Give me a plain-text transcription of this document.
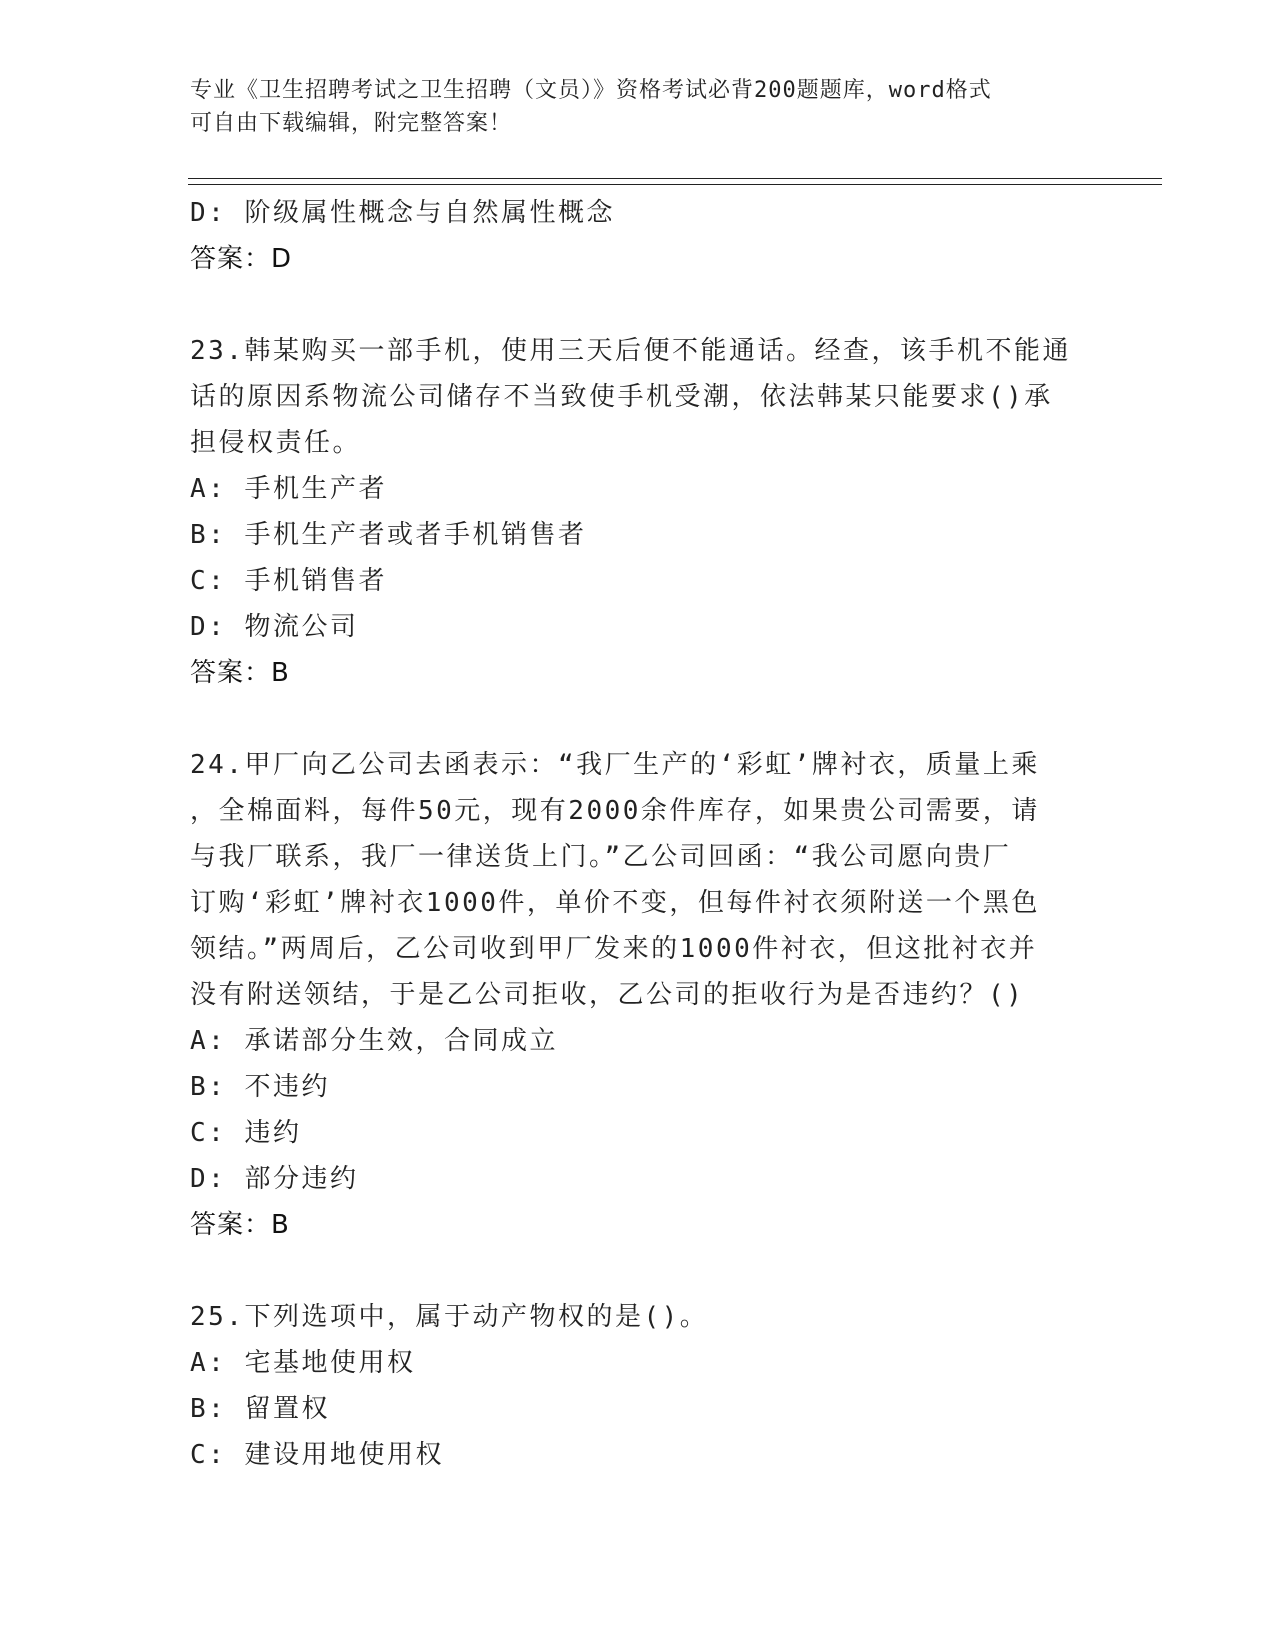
专业《卫生招聘考试之卫生招聘（文员）》资格考试必背200题题库，word格式
可自由下载编辑，附完整答案！
D: 阶级属性概念与自然属性概念
答案：D
23.韩某购买一部手机，使用三天后便不能通话。经查，该手机不能通
话的原因系物流公司储存不当致使手机受潮，依法韩某只能要求()承
担侵权责任。
A: 手机生产者
B: 手机生产者或者手机销售者
C: 手机销售者
D: 物流公司
答案：B
24.甲厂向乙公司去函表示：“我厂生产的‘彩虹’牌衬衣，质量上乘
，全棉面料，每件50元，现有2000余件库存，如果贵公司需要，请
与我厂联系，我厂一律送货上门。”乙公司回函：“我公司愿向贵厂
订购‘彩虹’牌衬衣1000件，单价不变，但每件衬衣须附送一个黑色
领结。”两周后，乙公司收到甲厂发来的1000件衬衣，但这批衬衣并
没有附送领结，于是乙公司拒收，乙公司的拒收行为是否违约？()
A: 承诺部分生效，合同成立
B: 不违约
C: 违约
D: 部分违约
答案：B
25.下列选项中，属于动产物权的是()。
A: 宅基地使用权
B: 留置权
C: 建设用地使用权
